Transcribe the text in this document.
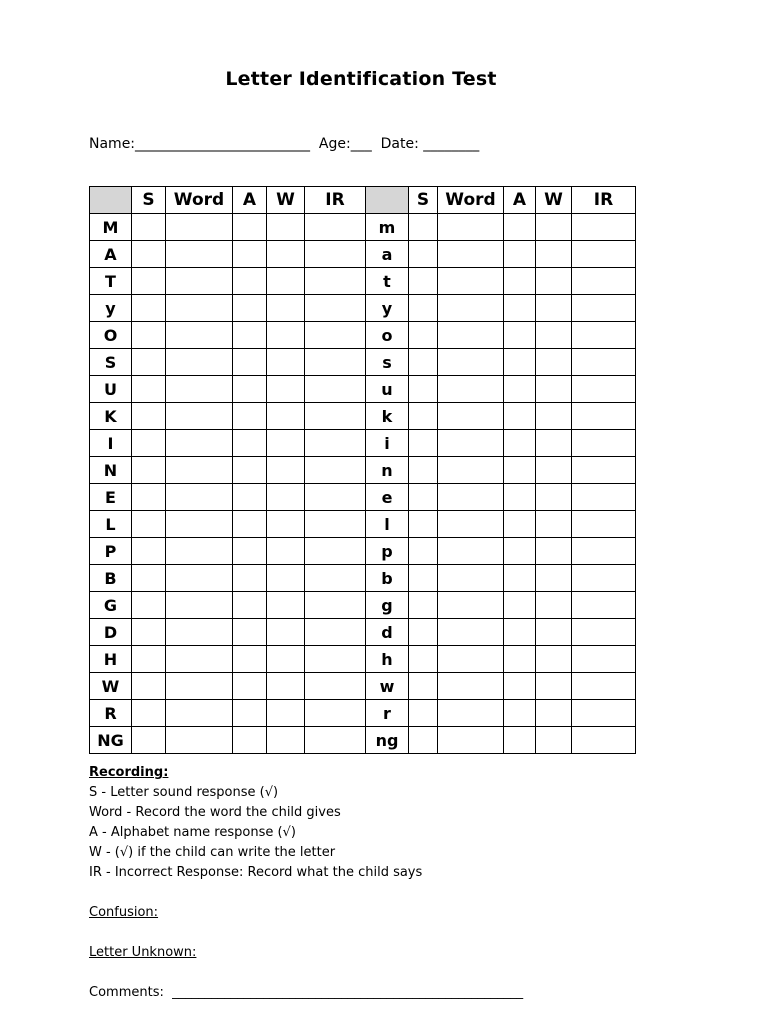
Letter Identification Test
Name:_________________________  Age:___  Date: ________
	S	Word	A	W	IR		S	Word	A	W	IR
M						m					
A						a					
T						t					
y						y					
O						o					
S						s					
U						u					
K						k					
I						i					
N						n					
E						e					
L						l					
P						p					
B						b					
G						g					
D						d					
H						h					
W						w					
R						r					
NG						ng					
Recording:
S - Letter sound response (√)
Word - Record the word the child gives
A - Alphabet name response (√)
W - (√) if the child can write the letter
IR - Incorrect Response: Record what the child says
Confusion:
Letter Unknown:
Comments:  ______________________________________________________
